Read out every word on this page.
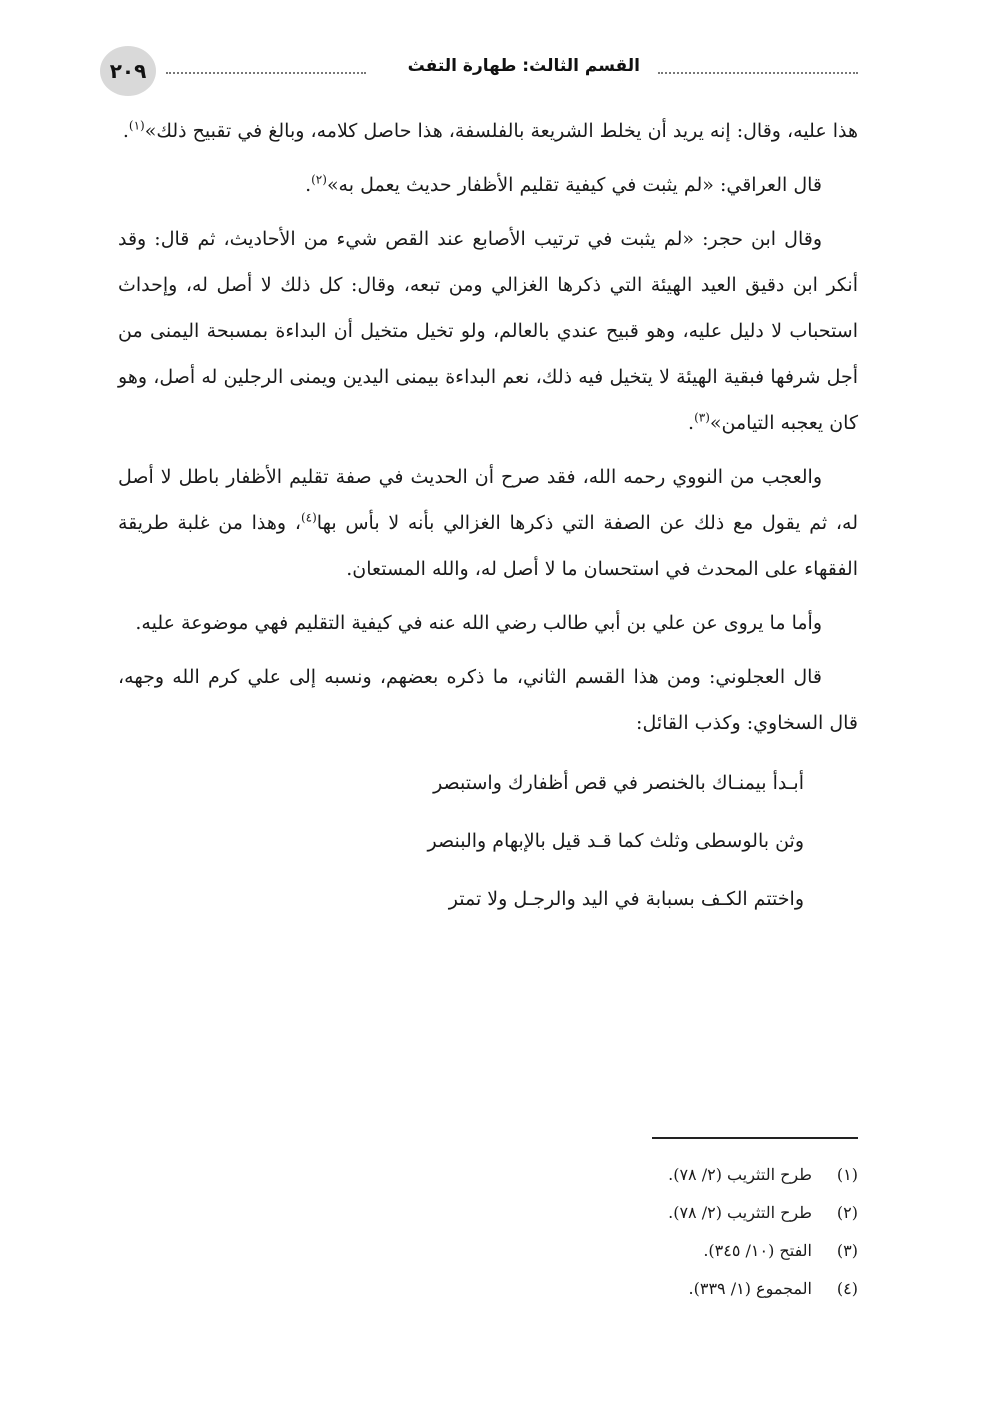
القسم الثالث: طهارة التفث
٢٠٩

هذا عليه، وقال: إنه يريد أن يخلط الشريعة بالفلسفة، هذا حاصل كلامه، وبالغ في تقبيح ذلك»$^{(١)}$.

قال العراقي: «لم يثبت في كيفية تقليم الأظفار حديث يعمل به»$^{(٢)}$.

وقال ابن حجر: «لم يثبت في ترتيب الأصابع عند القص شيء من الأحاديث، ثم قال: وقد أنكر ابن دقيق العيد الهيئة التي ذكرها الغزالي ومن تبعه، وقال: كل ذلك لا أصل له، وإحداث استحباب لا دليل عليه، وهو قبيح عندي بالعالم، ولو تخيل متخيل أن البداءة بمسبحة اليمنى من أجل شرفها فبقية الهيئة لا يتخيل فيه ذلك، نعم البداءة بيمنى اليدين ويمنى الرجلين له أصل، وهو كان يعجبه التيامن»$^{(٣)}$.

والعجب من النووي رحمه الله، فقد صرح أن الحديث في صفة تقليم الأظفار باطل لا أصل له، ثم يقول مع ذلك عن الصفة التي ذكرها الغزالي بأنه لا بأس بها$^{(٤)}$، وهذا من غلبة طريقة الفقهاء على المحدث في استحسان ما لا أصل له، والله المستعان.

وأما ما يروى عن علي بن أبي طالب رضي الله عنه في كيفية التقليم فهي موضوعة عليه.

قال العجلوني: ومن هذا القسم الثاني، ما ذكره بعضهم، ونسبه إلى علي كرم الله وجهه، قال السخاوي: وكذب القائل:

أبـدأ بيمنـاك بالخنصر في قص أظفارك واستبصر
وثن بالوسطى وثلث كما قـد قيل بالإبهام والبنصر
واختتم الكـف بسبابة في اليد والرجـل ولا تمتر
(١)
طرح التثريب (٢/ ٧٨).
(٢)
طرح التثريب (٢/ ٧٨).
(٣)
الفتح (١٠/ ٣٤٥).
(٤)
المجموع (١/ ٣٣٩).
